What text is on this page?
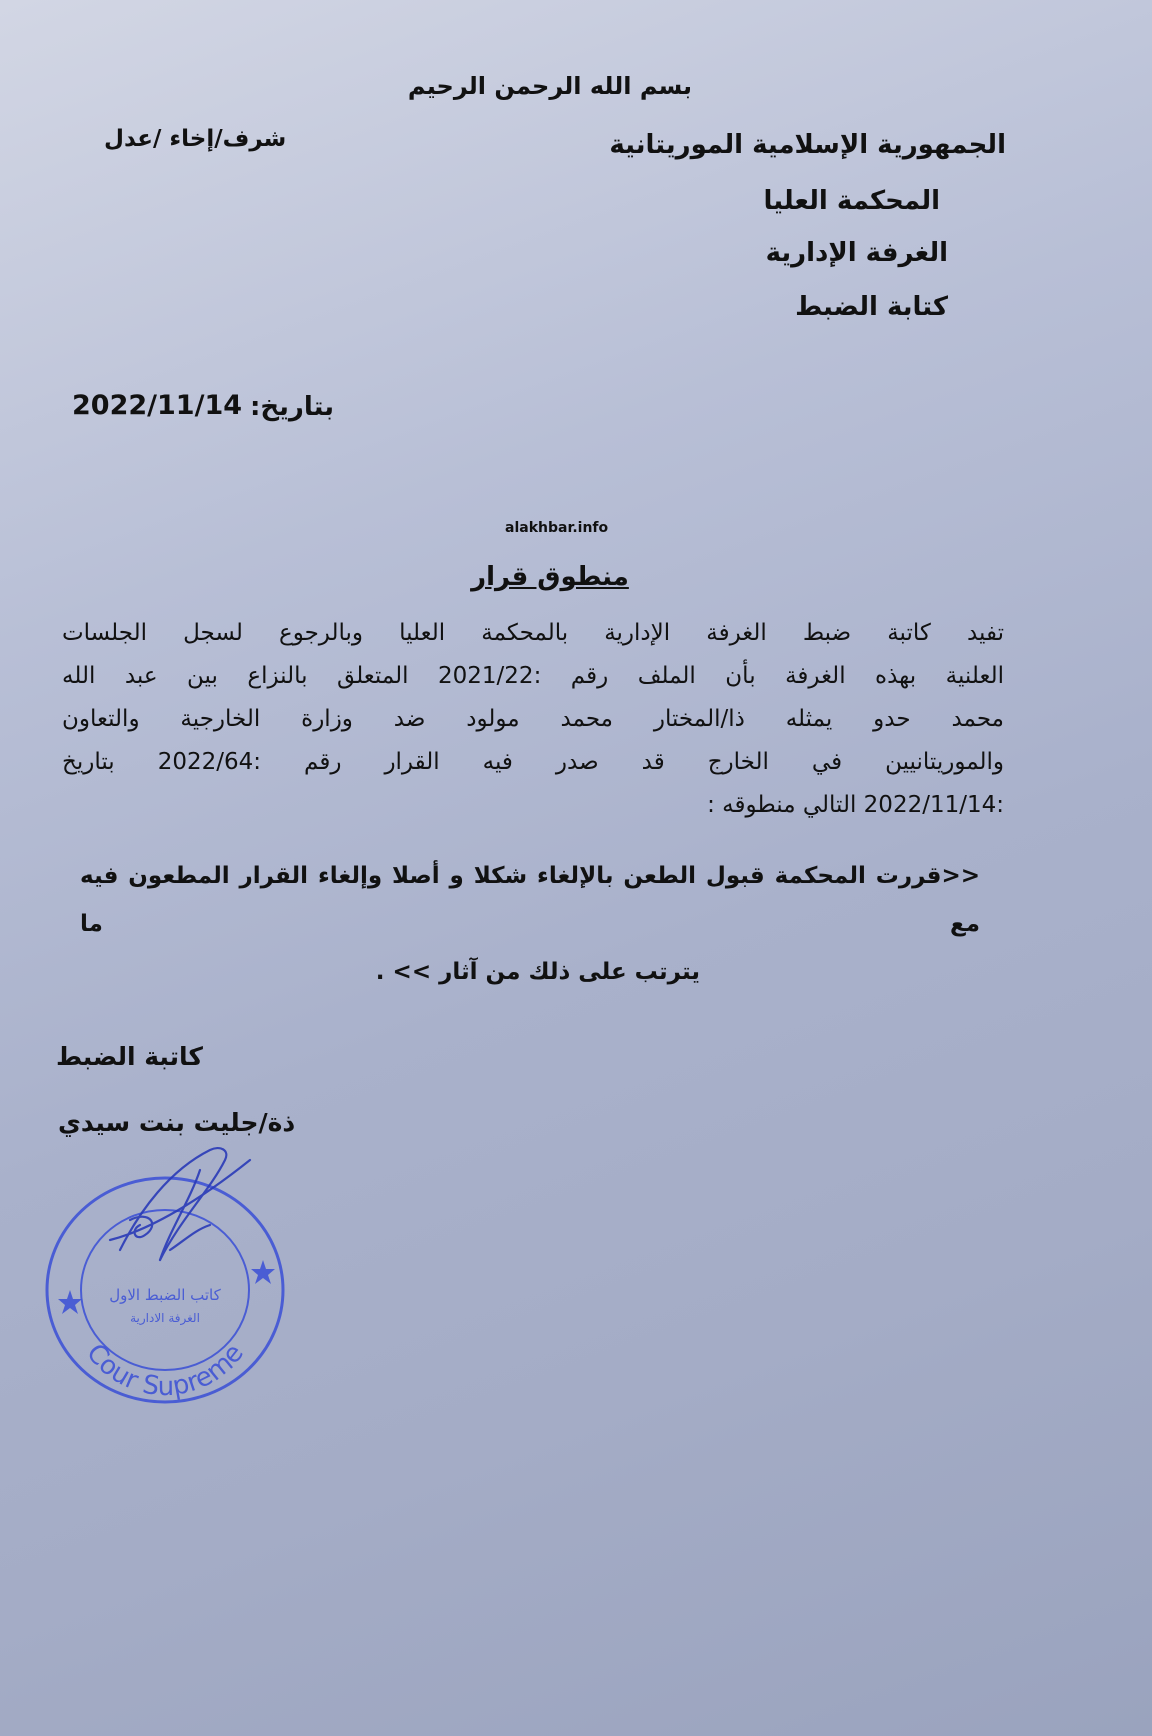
بسم الله الرحمن الرحيم
الجمهورية الإسلامية الموريتانية
المحكمة العليا
الغرفة الإدارية
كتابة الضبط
شرف/إخاء /عدل
بتاريخ:
2022/11/14
alakhbar.info
منطوق قرار
تفيد كاتبة ضبط الغرفة الإدارية بالمحكمة العليا وبالرجوع لسجل الجلسات
العلنية بهذه الغرفة بأن الملف رقم :2021/22 المتعلق بالنزاع بين عبد الله
محمد حدو يمثله ذا/المختار محمد مولود ضد وزارة الخارجية والتعاون
والموريتانيين في الخارج قد صدر فيه القرار رقم :2022/64 بتاريخ
:2022/11/14 التالي منطوقه :
<<قررت المحكمة قبول الطعن بالإلغاء شكلا و أصلا وإلغاء القرار المطعون فيه مع ما
يترتب على ذلك من آثار >> .
كاتبة الضبط
ذة/جليت بنت سيدي
Cour Supreme
كاتب الضبط الاول
الغرفة الادارية
